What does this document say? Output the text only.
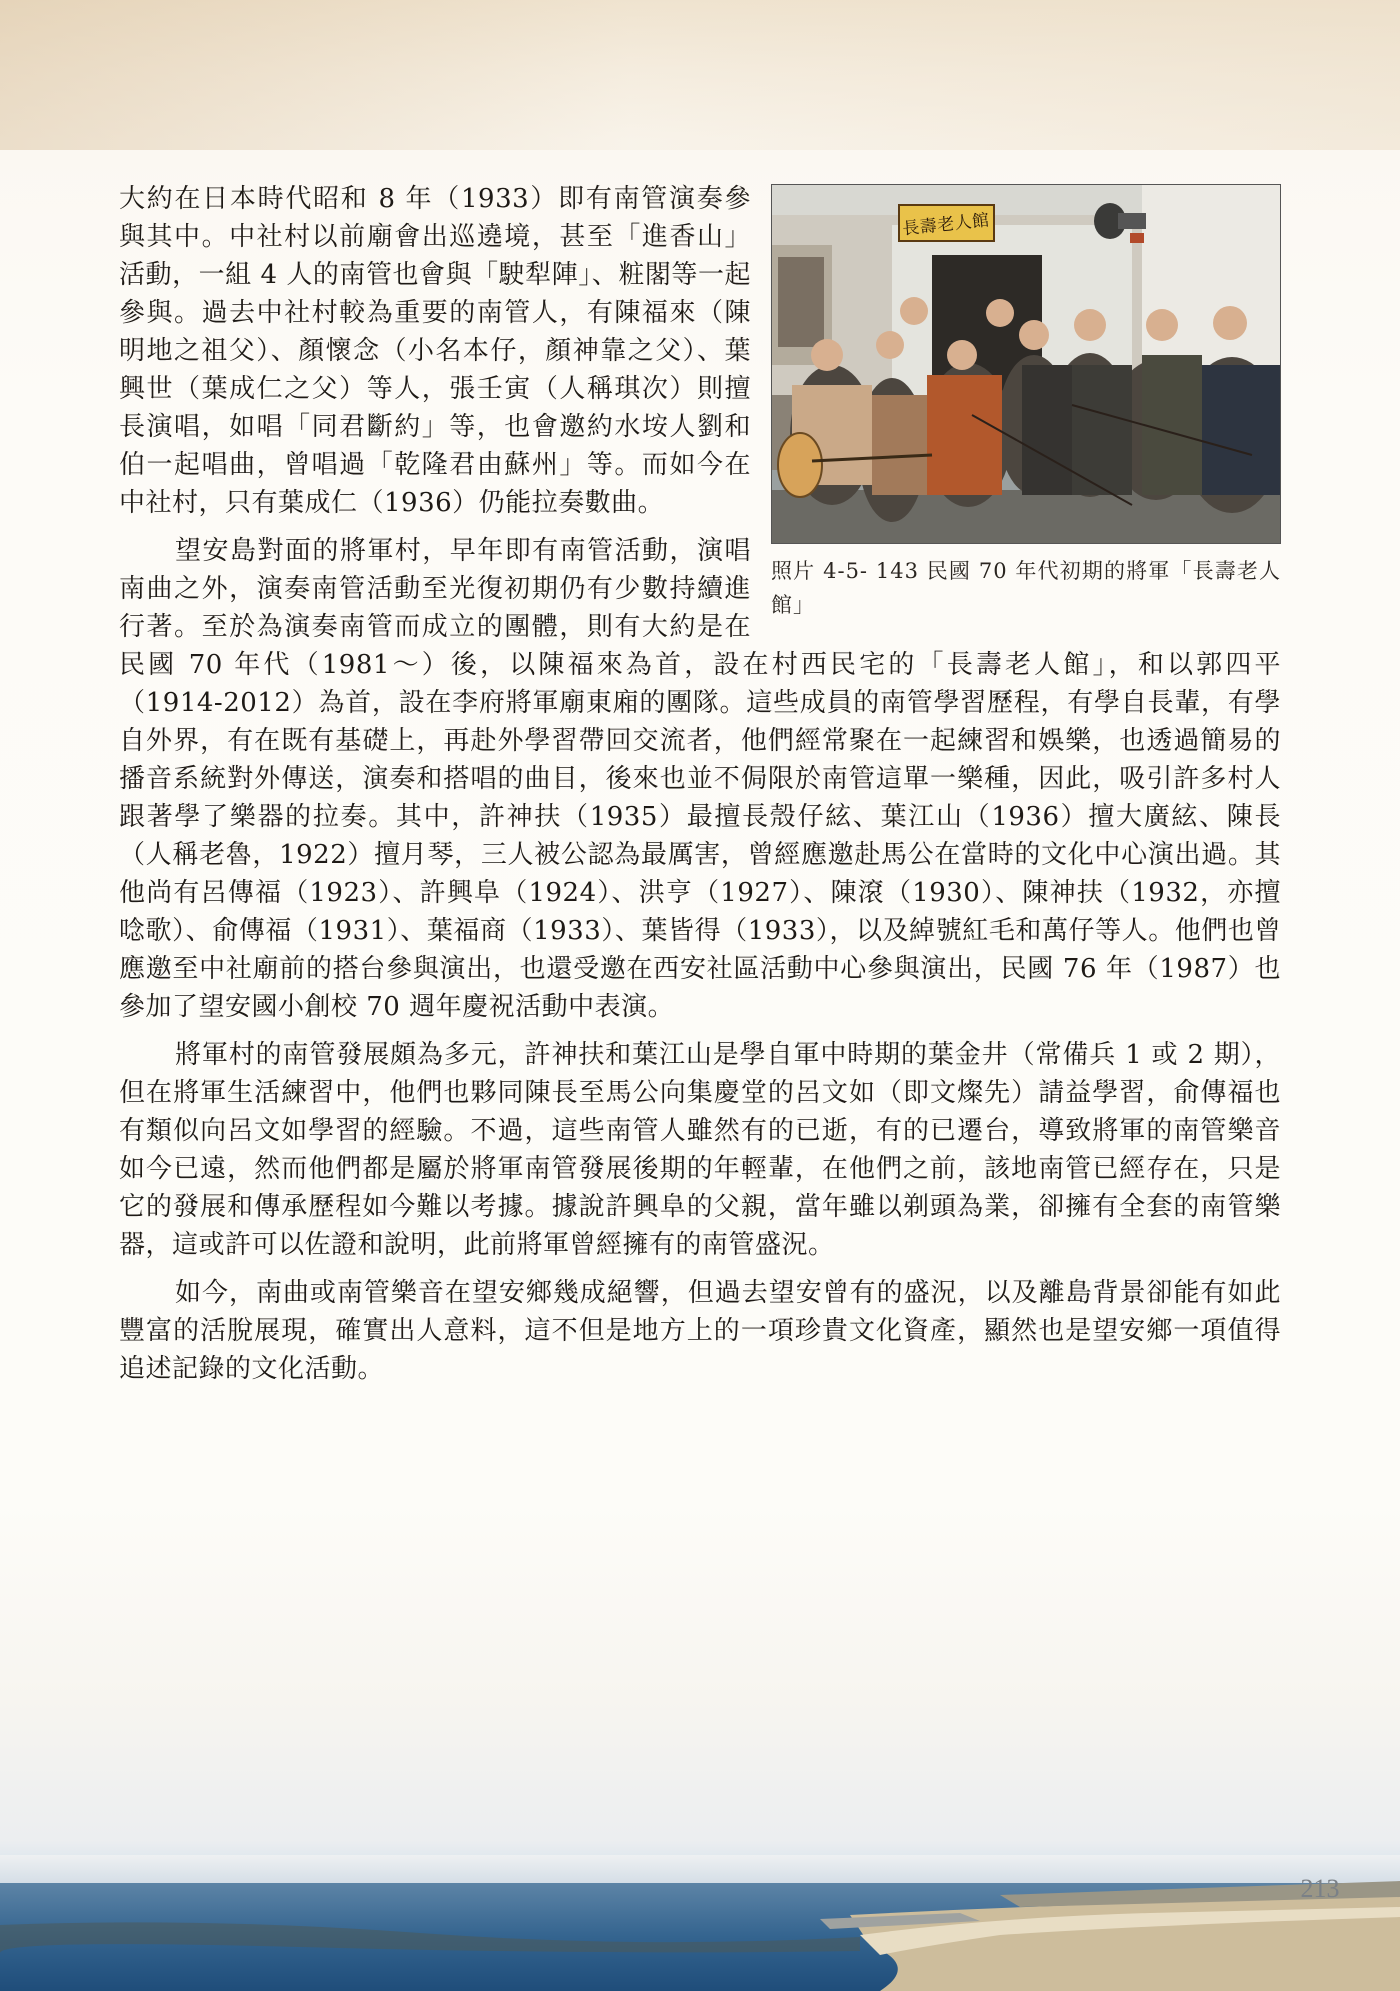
長壽老人館
照片 4-5- 143 民國 70 年代初期的將軍「長壽老人館」

大約在日本時代昭和 8 年（1933）即有南管演奏參與其中。中社村以前廟會出巡遶境，甚至「進香山」活動，一組 4 人的南管也會與「駛犁陣」、粧閣等一起參與。過去中社村較為重要的南管人，有陳福來（陳明地之祖父）、顏懷念（小名本仔，顏神靠之父）、葉興世（葉成仁之父）等人，張壬寅（人稱琪次）則擅長演唱，如唱「同君斷約」等，也會邀約水垵人劉和伯一起唱曲，曾唱過「乾隆君由蘇州」等。而如今在中社村，只有葉成仁（1936）仍能拉奏數曲。

望安島對面的將軍村，早年即有南管活動，演唱南曲之外，演奏南管活動至光復初期仍有少數持續進行著。至於為演奏南管而成立的團體，則有大約是在民國 70 年代（1981～）後，以陳福來為首，設在村西民宅的「長壽老人館」，和以郭四平（1914-2012）為首，設在李府將軍廟東廂的團隊。這些成員的南管學習歷程，有學自長輩，有學自外界，有在既有基礎上，再赴外學習帶回交流者，他們經常聚在一起練習和娛樂，也透過簡易的播音系統對外傳送，演奏和搭唱的曲目，後來也並不侷限於南管這單一樂種，因此，吸引許多村人跟著學了樂器的拉奏。其中，許神扶（1935）最擅長殼仔絃、葉江山（1936）擅大廣絃、陳長（人稱老魯，1922）擅月琴，三人被公認為最厲害，曾經應邀赴馬公在當時的文化中心演出過。其他尚有呂傳福（1923）、許興阜（1924）、洪亨（1927）、陳滾（1930）、陳神扶（1932，亦擅唸歌）、俞傳福（1931）、葉福商（1933）、葉皆得（1933），以及綽號紅毛和萬仔等人。他們也曾應邀至中社廟前的搭台參與演出，也還受邀在西安社區活動中心參與演出，民國 76 年（1987）也參加了望安國小創校 70 週年慶祝活動中表演。

將軍村的南管發展頗為多元，許神扶和葉江山是學自軍中時期的葉金井（常備兵 1 或 2 期），但在將軍生活練習中，他們也夥同陳長至馬公向集慶堂的呂文如（即文燦先）請益學習，俞傳福也有類似向呂文如學習的經驗。不過，這些南管人雖然有的已逝，有的已遷台，導致將軍的南管樂音如今已遠，然而他們都是屬於將軍南管發展後期的年輕輩，在他們之前，該地南管已經存在，只是它的發展和傳承歷程如今難以考據。據說許興阜的父親，當年雖以剃頭為業，卻擁有全套的南管樂器，這或許可以佐證和說明，此前將軍曾經擁有的南管盛況。

如今，南曲或南管樂音在望安鄉幾成絕響，但過去望安曾有的盛況，以及離島背景卻能有如此豐富的活脫展現，確實出人意料，這不但是地方上的一項珍貴文化資產，顯然也是望安鄉一項值得追述記錄的文化活動。

213
